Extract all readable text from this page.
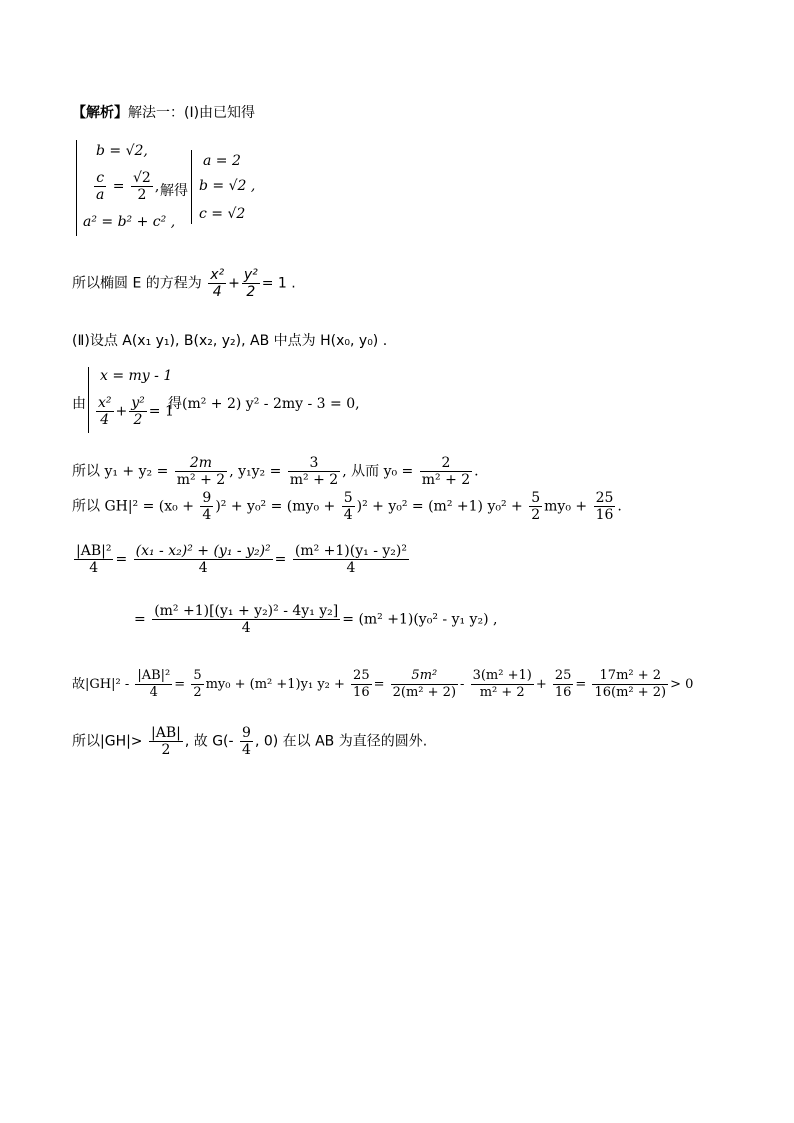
【解析】解法一：(Ⅰ)由已知得
b = √2,
$\frac{c}{a} = \frac{√2}{2}$ ,
a² = b² + c² ,
解得
a = 2
b = √2 ,
c = √2
所以椭圆 E 的方程为 $\frac{\text{x²}}{4} + \frac{\text{y²}}{2} = 1$ .
(Ⅱ)设点 A(x₁ y₁), B(x₂, y₂), AB 中点为 H(x₀, y₀) .
由
x = my - 1
$\frac{\text{x²}}{4} + \frac{\text{y²}}{2} = 1$
得(m² + 2) y² - 2my - 3 = 0,
所以 $y_1 + y_2 = \frac{2m}{\text{m² + 2}}$ , $y_1y_2 = \frac{3}{\text{m² + 2}}$ , 从而 $y_0 = \frac{2}{\text{m² + 2}}$ .
所以 $GH|^2 = (x_0 + \frac{9}{4} )^2 + y_0^2 = (my_0 + \frac{5}{4} )^2 + y_0^2 = (m^2 +1)$ $y_0^2 + \frac{5}{2} my_0 + \frac{25}{16}$ .
$\frac{\text{|AB|²}}{4} = \frac{\text{(x₁ - x₂)² + (y₁ - y₂)²}}{4} = \frac{\text{(m² +1)(y₁ - y₂)²}}{4}$
= $\frac{\text{(m² +1)[(y₁ + y₂)² - 4y₁ y₂]}}{4} = (m^2 +1)(y_0^2 - y_1$ y₂) ,
故$|GH|^2 - \frac{\text{|AB|²}}{4} = \frac{5}{2} my_0 + (m^2 +1)y_1$ $y_2 + \frac{25}{16} = \frac{\text{5m²}}{\text{2(m² + 2)}} - \frac{\text{3(m² +1)}}{\text{m² + 2}} + \frac{25}{16} = \frac{\text{17m² + 2}}{\text{16(m² + 2)}} > 0$
所以$|GH|> \frac{|AB|}{2}$ , 故 $G(- \frac{9}{4}$ , 0) 在以 AB 为直径的圆外.
